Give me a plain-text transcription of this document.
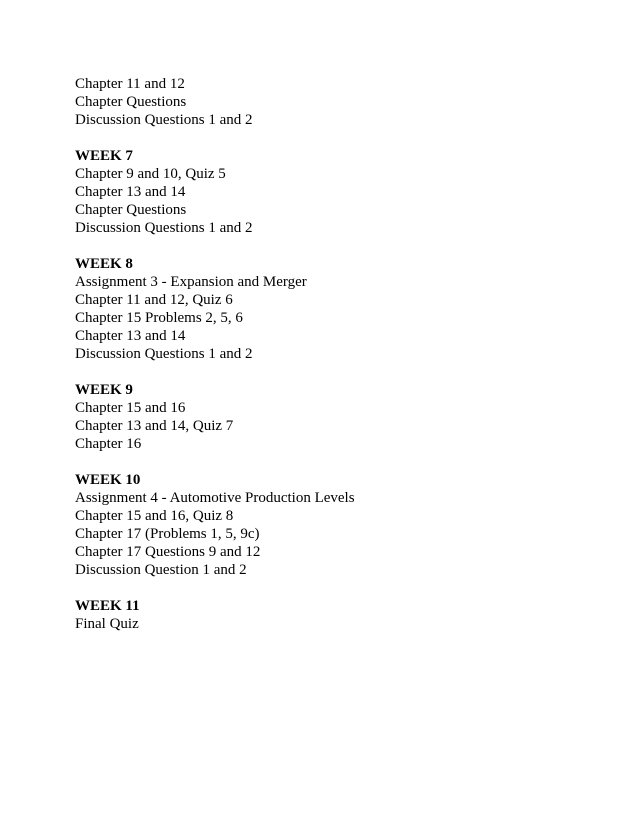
Chapter 11 and 12
Chapter Questions
Discussion Questions 1 and 2
WEEK 7
Chapter 9 and 10, Quiz 5
Chapter 13 and 14
Chapter Questions
Discussion Questions 1 and 2
WEEK 8
Assignment 3 - Expansion and Merger
Chapter 11 and 12, Quiz 6
Chapter 15 Problems 2, 5, 6
Chapter 13 and 14
Discussion Questions 1 and 2
WEEK 9
Chapter 15 and 16
Chapter 13 and 14, Quiz 7
Chapter 16
WEEK 10
Assignment 4 - Automotive Production Levels
Chapter 15 and 16, Quiz 8
Chapter 17 (Problems 1, 5, 9c)
Chapter 17 Questions 9 and 12
Discussion Question 1 and 2
WEEK 11
Final Quiz
